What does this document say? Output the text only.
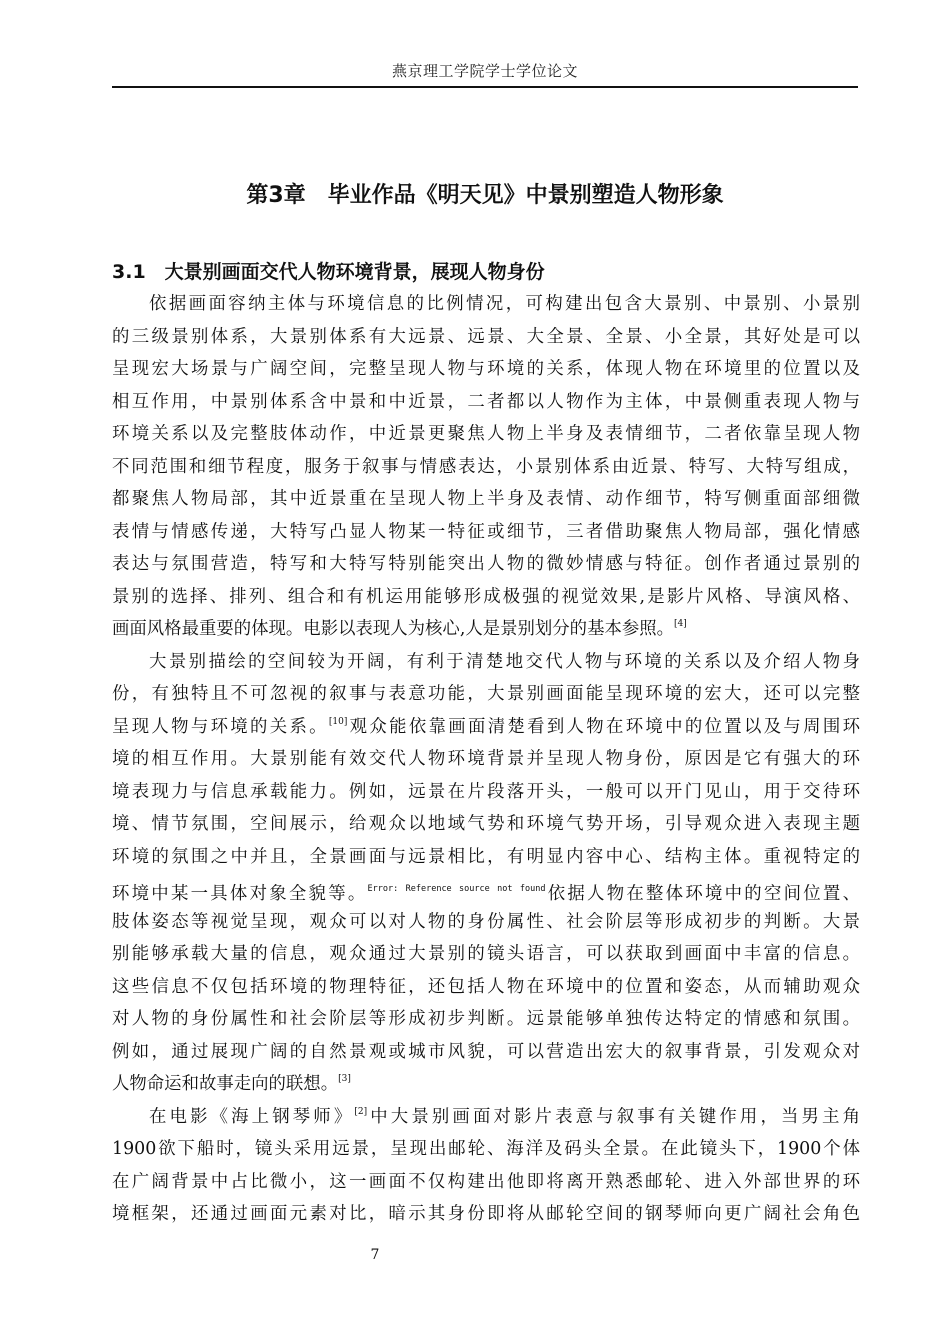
燕京理工学院学士学位论文
第3章　毕业作品《明天见》中景别塑造人物形象
3.1　大景别画面交代人物环境背景，展现人物身份
依据画面容纳主体与环境信息的比例情况，可构建出包含大景别、中景别、小景别
的三级景别体系，大景别体系有大远景、远景、大全景、全景、小全景，其好处是可以
呈现宏大场景与广阔空间，完整呈现人物与环境的关系，体现人物在环境里的位置以及
相互作用，中景别体系含中景和中近景，二者都以人物作为主体，中景侧重表现人物与
环境关系以及完整肢体动作，中近景更聚焦人物上半身及表情细节，二者依靠呈现人物
不同范围和细节程度，服务于叙事与情感表达，小景别体系由近景、特写、大特写组成，
都聚焦人物局部，其中近景重在呈现人物上半身及表情、动作细节，特写侧重面部细微
表情与情感传递，大特写凸显人物某一特征或细节，三者借助聚焦人物局部，强化情感
表达与氛围营造，特写和大特写特别能突出人物的微妙情感与特征。创作者通过景别的
景别的选择、排列、组合和有机运用能够形成极强的视觉效果,是影片风格、导演风格、
画面风格最重要的体现。电影以表现人为核心,人是景别划分的基本参照。[4]
大景别描绘的空间较为开阔，有利于清楚地交代人物与环境的关系以及介绍人物身
份，有独特且不可忽视的叙事与表意功能，大景别画面能呈现环境的宏大，还可以完整
呈现人物与环境的关系。[10]观众能依靠画面清楚看到人物在环境中的位置以及与周围环
境的相互作用。大景别能有效交代人物环境背景并呈现人物身份，原因是它有强大的环
境表现力与信息承载能力。例如，远景在片段落开头，一般可以开门见山，用于交待环
境、情节氛围，空间展示，给观众以地域气势和环境气势开场，引导观众进入表现主题
环境的氛围之中并且，全景画面与远景相比，有明显内容中心、结构主体。重视特定的
环境中某一具体对象全貌等。$^{Error: Reference source not found}$依据人物在整体环境中的空间位置、
肢体姿态等视觉呈现，观众可以对人物的身份属性、社会阶层等形成初步的判断。大景
别能够承载大量的信息，观众通过大景别的镜头语言，可以获取到画面中丰富的信息。
这些信息不仅包括环境的物理特征，还包括人物在环境中的位置和姿态，从而辅助观众
对人物的身份属性和社会阶层等形成初步判断。远景能够单独传达特定的情感和氛围。
例如，通过展现广阔的自然景观或城市风貌，可以营造出宏大的叙事背景，引发观众对
人物命运和故事走向的联想。[3]
在电影《海上钢琴师》[2]中大景别画面对影片表意与叙事有关键作用，当男主角
1900欲下船时，镜头采用远景，呈现出邮轮、海洋及码头全景。在此镜头下，1900个体
在广阔背景中占比微小，这一画面不仅构建出他即将离开熟悉邮轮、进入外部世界的环
境框架，还通过画面元素对比，暗示其身份即将从邮轮空间的钢琴师向更广阔社会角色
7
